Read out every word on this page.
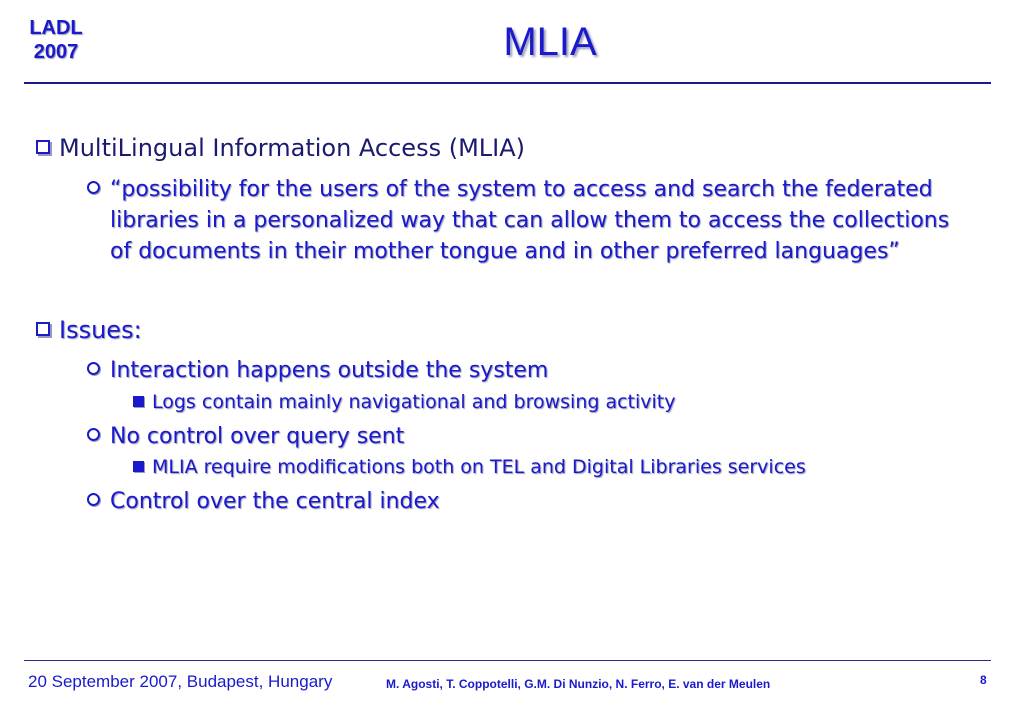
LADL
2007	MLIA
MultiLingual Information Access (MLIA)
“possibility for the users of the system to access and search the federated libraries in a personalized way that can allow them to access the collections of documents in their mother tongue and in other preferred languages”
Issues:
Interaction happens outside the system
Logs contain mainly navigational and browsing activity
No control over query sent
MLIA require modifications both on TEL and Digital Libraries services
Control over the central index
20 September 2007, Budapest, Hungary	M. Agosti, T. Coppotelli, G.M. Di Nunzio, N. Ferro, E. van der Meulen	8
